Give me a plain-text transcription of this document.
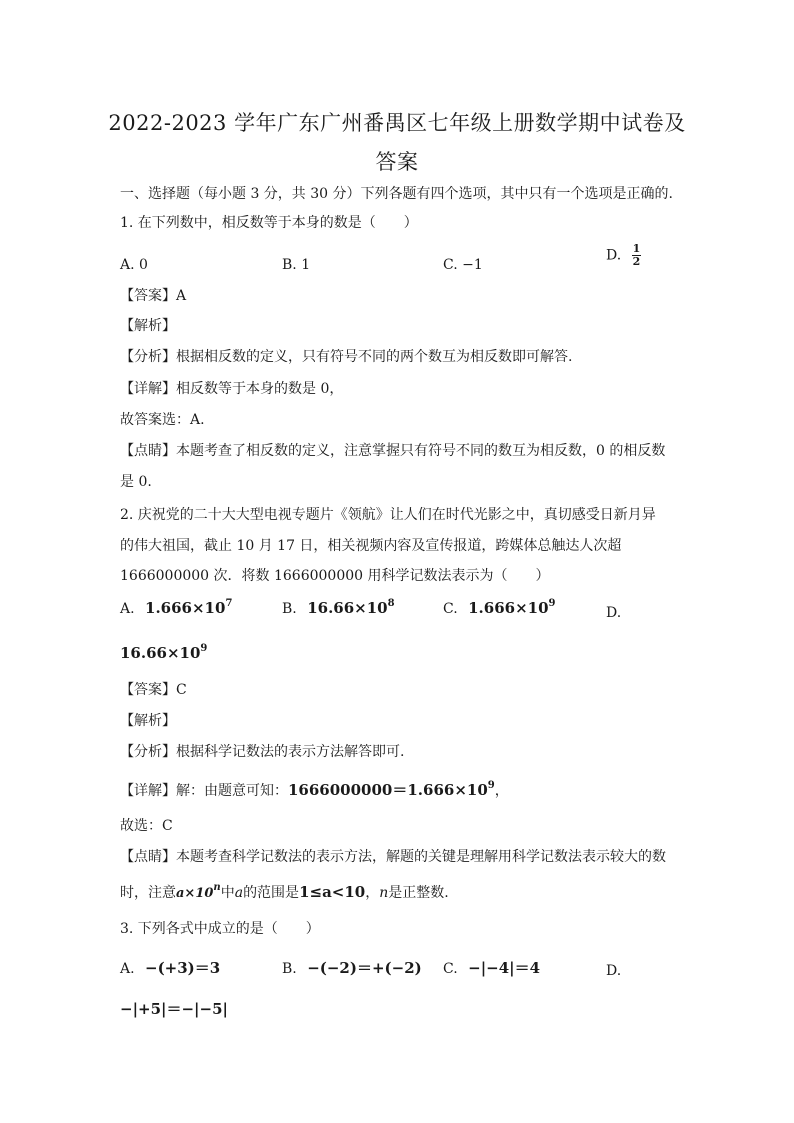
2022-2023 学年广东广州番禺区七年级上册数学期中试卷及
答案
一、选择题（每小题 3 分，共 30 分）下列各题有四个选项，其中只有一个选项是正确的.
1. 在下列数中，相反数等于本身的数是（　　）
A. 0	B. 1	C. −1
D. $\frac{1}{2}$
【答案】A
【解析】
【分析】根据相反数的定义，只有符号不同的两个数互为相反数即可解答.
【详解】相反数等于本身的数是 0，
故答案选：A.
【点睛】本题考查了相反数的定义，注意掌握只有符号不同的数互为相反数，0 的相反数
是 0.
2. 庆祝党的二十大大型电视专题片《领航》让人们在时代光影之中，真切感受日新月异
的伟大祖国，截止 10 月 17 日，相关视频内容及宣传报道，跨媒体总触达人次超
1666000000 次．将数 1666000000 用科学记数法表示为（　　）
A. $1.666\times 10^7$	B. $16.66\times 10^8$	C. $1.666\times 10^9$
D.
$16.66\times 10^9$
【答案】C
【解析】
【分析】根据科学记数法的表示方法解答即可.
【详解】解：由题意可知：$1666000000=1.666\times 10^9$，
故选：C
【点睛】本题考查科学记数法的表示方法，解题的关键是理解用科学记数法表示较大的数
时，注意$a\times 10^n$中a的范围是1≤a<10，n是正整数.
3. 下列各式中成立的是（　　）
A. −(+3)＝3	B. −(−2)＝+(−2) C. −|−4|＝4	D.
−|+5|＝−|−5|
